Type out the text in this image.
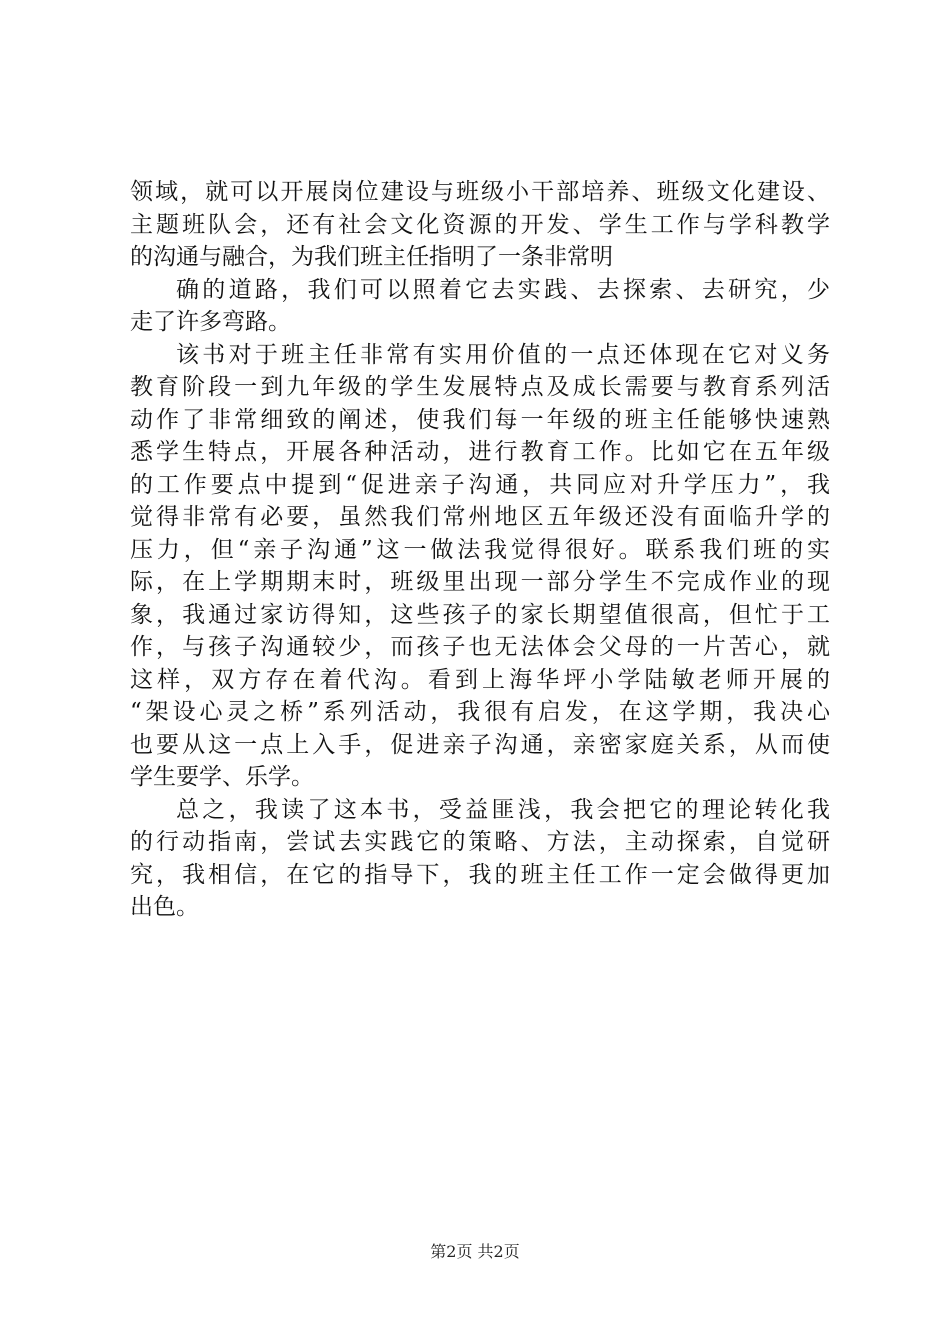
领域，就可以开展岗位建设与班级小干部培养、班级文化建设、
主题班队会，还有社会文化资源的开发、学生工作与学科教学
的沟通与融合，为我们班主任指明了一条非常明
确的道路，我们可以照着它去实践、去探索、去研究，少
走了许多弯路。
该书对于班主任非常有实用价值的一点还体现在它对义务
教育阶段一到九年级的学生发展特点及成长需要与教育系列活
动作了非常细致的阐述，使我们每一年级的班主任能够快速熟
悉学生特点，开展各种活动，进行教育工作。比如它在五年级
的工作要点中提到“促进亲子沟通，共同应对升学压力”，我
觉得非常有必要，虽然我们常州地区五年级还没有面临升学的
压力，但“亲子沟通”这一做法我觉得很好。联系我们班的实
际，在上学期期末时，班级里出现一部分学生不完成作业的现
象，我通过家访得知，这些孩子的家长期望值很高，但忙于工
作，与孩子沟通较少，而孩子也无法体会父母的一片苦心，就
这样，双方存在着代沟。看到上海华坪小学陆敏老师开展的
“架设心灵之桥”系列活动，我很有启发，在这学期，我决心
也要从这一点上入手，促进亲子沟通，亲密家庭关系，从而使
学生要学、乐学。
总之，我读了这本书，受益匪浅，我会把它的理论转化我
的行动指南，尝试去实践它的策略、方法，主动探索，自觉研
究，我相信，在它的指导下，我的班主任工作一定会做得更加
出色。
第2页 共2页
